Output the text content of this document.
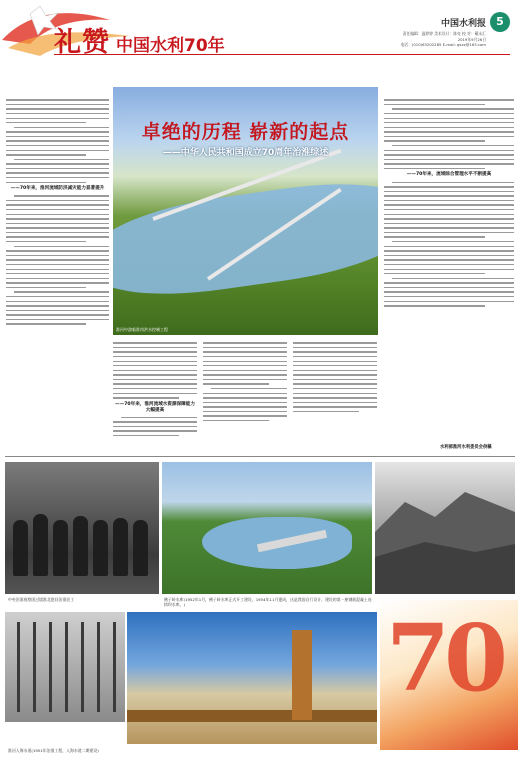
礼赞 中国水利70年
中国水利报 5
责任编辑：温婷婷 美术设计：陈亮 校 对：戴永汇
2019年9月26日
电话：(010)63202285 E-mail: gsxz@163.com
——70年来，淮河流域防洪减灾能力显著提升
卓绝的历程 崭新的起点
——中华人民共和国成立70周年治淮综述
淮河中游临淮岗洪水控制工程
——70年来，淮河流域水资源保障能力大幅提高
——70年来，流域综合管理水平不断提高
水利部淮河水利委员会供稿
中央治淮视察团过境淮北慰问治淮民工	佛子岭水库(1952年1月，佛子岭水库正式开工建设，1954年11月建成，这是我国自行设计、建设的第一座钢筋混凝土连拱坝水库。)
淮河入海水道(1951年治淮工程，入海水道二期建设)
70
